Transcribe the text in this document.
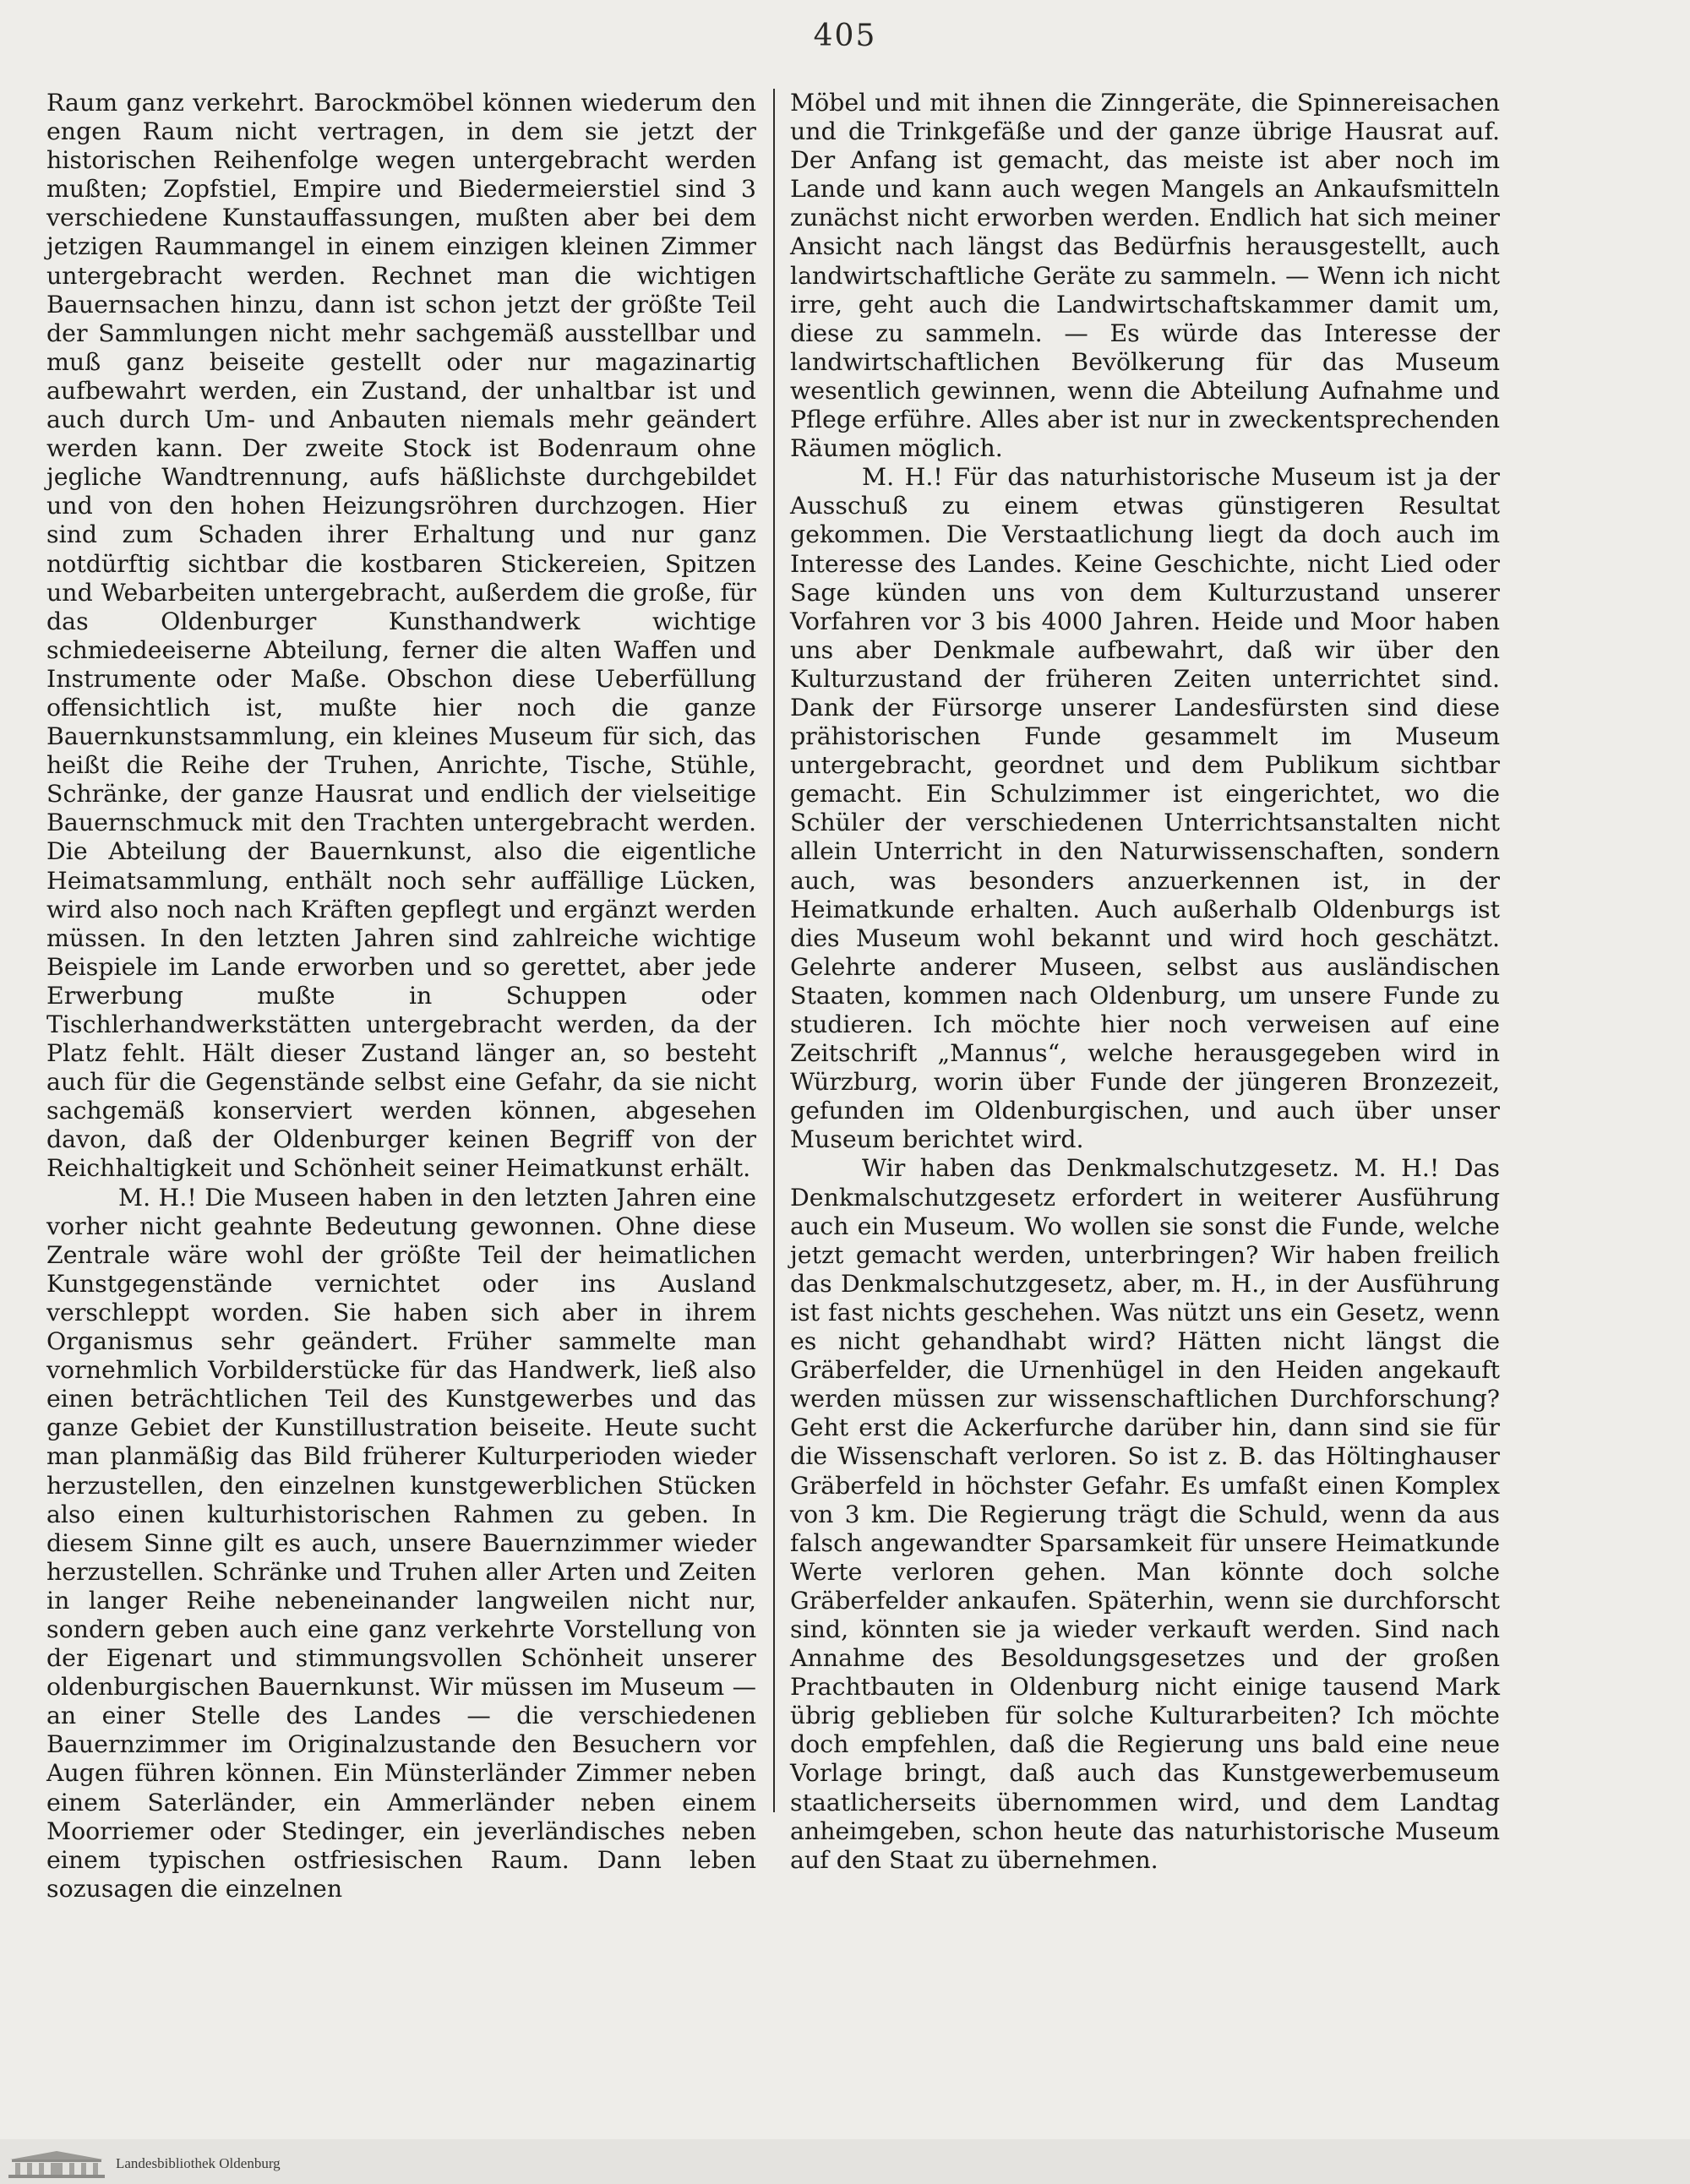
405

Raum ganz verkehrt. Barockmöbel können wiederum den engen Raum nicht vertragen, in dem sie jetzt der historischen Reihenfolge wegen untergebracht werden mußten; Zopfstiel, Empire und Biedermeierstiel sind 3 verschiedene Kunstauffassungen, mußten aber bei dem jetzigen Raummangel in einem einzigen kleinen Zimmer untergebracht werden. Rechnet man die wichtigen Bauernsachen hinzu, dann ist schon jetzt der größte Teil der Sammlungen nicht mehr sachgemäß ausstellbar und muß ganz beiseite gestellt oder nur magazinartig aufbewahrt werden, ein Zustand, der unhaltbar ist und auch durch Um- und Anbauten niemals mehr geändert werden kann. Der zweite Stock ist Bodenraum ohne jegliche Wandtrennung, aufs häßlichste durchgebildet und von den hohen Heizungsröhren durchzogen. Hier sind zum Schaden ihrer Erhaltung und nur ganz notdürftig sichtbar die kostbaren Stickereien, Spitzen und Webarbeiten untergebracht, außerdem die große, für das Oldenburger Kunsthandwerk wichtige schmiedeeiserne Abteilung, ferner die alten Waffen und Instrumente oder Maße. Obschon diese Ueberfüllung offensichtlich ist, mußte hier noch die ganze Bauernkunstsammlung, ein kleines Museum für sich, das heißt die Reihe der Truhen, Anrichte, Tische, Stühle, Schränke, der ganze Hausrat und endlich der vielseitige Bauernschmuck mit den Trachten untergebracht werden. Die Abteilung der Bauernkunst, also die eigentliche Heimatsammlung, enthält noch sehr auffällige Lücken, wird also noch nach Kräften gepflegt und ergänzt werden müssen. In den letzten Jahren sind zahlreiche wichtige Beispiele im Lande erworben und so gerettet, aber jede Erwerbung mußte in Schuppen oder Tischlerhandwerkstätten untergebracht werden, da der Platz fehlt. Hält dieser Zustand länger an, so besteht auch für die Gegenstände selbst eine Gefahr, da sie nicht sachgemäß konserviert werden können, abgesehen davon, daß der Oldenburger keinen Begriff von der Reichhaltigkeit und Schönheit seiner Heimatkunst erhält.

M. H.! Die Museen haben in den letzten Jahren eine vorher nicht geahnte Bedeutung gewonnen. Ohne diese Zentrale wäre wohl der größte Teil der heimatlichen Kunstgegenstände vernichtet oder ins Ausland verschleppt worden. Sie haben sich aber in ihrem Organismus sehr geändert. Früher sammelte man vornehmlich Vorbilderstücke für das Handwerk, ließ also einen beträchtlichen Teil des Kunstgewerbes und das ganze Gebiet der Kunstillustration beiseite. Heute sucht man planmäßig das Bild früherer Kulturperioden wieder herzustellen, den einzelnen kunstgewerblichen Stücken also einen kulturhistorischen Rahmen zu geben. In diesem Sinne gilt es auch, unsere Bauernzimmer wieder herzustellen. Schränke und Truhen aller Arten und Zeiten in langer Reihe nebeneinander langweilen nicht nur, sondern geben auch eine ganz verkehrte Vorstellung von der Eigenart und stimmungsvollen Schönheit unserer oldenburgischen Bauernkunst. Wir müssen im Museum — an einer Stelle des Landes — die verschiedenen Bauernzimmer im Originalzustande den Besuchern vor Augen führen können. Ein Münsterländer Zimmer neben einem Saterländer, ein Ammerländer neben einem Moorriemer oder Stedinger, ein jeverländisches neben einem typischen ostfriesischen Raum. Dann leben sozusagen die einzelnen

Möbel und mit ihnen die Zinngeräte, die Spinnereisachen und die Trinkgefäße und der ganze übrige Hausrat auf. Der Anfang ist gemacht, das meiste ist aber noch im Lande und kann auch wegen Mangels an Ankaufsmitteln zunächst nicht erworben werden. Endlich hat sich meiner Ansicht nach längst das Bedürfnis herausgestellt, auch landwirtschaftliche Geräte zu sammeln. — Wenn ich nicht irre, geht auch die Landwirtschaftskammer damit um, diese zu sammeln. — Es würde das Interesse der landwirtschaftlichen Bevölkerung für das Museum wesentlich gewinnen, wenn die Abteilung Aufnahme und Pflege erführe. Alles aber ist nur in zweckentsprechenden Räumen möglich.

M. H.! Für das naturhistorische Museum ist ja der Ausschuß zu einem etwas günstigeren Resultat gekommen. Die Verstaatlichung liegt da doch auch im Interesse des Landes. Keine Geschichte, nicht Lied oder Sage künden uns von dem Kulturzustand unserer Vorfahren vor 3 bis 4000 Jahren. Heide und Moor haben uns aber Denkmale aufbewahrt, daß wir über den Kulturzustand der früheren Zeiten unterrichtet sind. Dank der Fürsorge unserer Landesfürsten sind diese prähistorischen Funde gesammelt im Museum untergebracht, geordnet und dem Publikum sichtbar gemacht. Ein Schulzimmer ist eingerichtet, wo die Schüler der verschiedenen Unterrichtsanstalten nicht allein Unterricht in den Naturwissenschaften, sondern auch, was besonders anzuerkennen ist, in der Heimatkunde erhalten. Auch außerhalb Oldenburgs ist dies Museum wohl bekannt und wird hoch geschätzt. Gelehrte anderer Museen, selbst aus ausländischen Staaten, kommen nach Oldenburg, um unsere Funde zu studieren. Ich möchte hier noch verweisen auf eine Zeitschrift „Mannus“, welche herausgegeben wird in Würzburg, worin über Funde der jüngeren Bronzezeit, gefunden im Oldenburgischen, und auch über unser Museum berichtet wird.

Wir haben das Denkmalschutzgesetz. M. H.! Das Denkmalschutzgesetz erfordert in weiterer Ausführung auch ein Museum. Wo wollen sie sonst die Funde, welche jetzt gemacht werden, unterbringen? Wir haben freilich das Denkmalschutzgesetz, aber, m. H., in der Ausführung ist fast nichts geschehen. Was nützt uns ein Gesetz, wenn es nicht gehandhabt wird? Hätten nicht längst die Gräberfelder, die Urnenhügel in den Heiden angekauft werden müssen zur wissenschaftlichen Durchforschung? Geht erst die Ackerfurche darüber hin, dann sind sie für die Wissenschaft verloren. So ist z. B. das Höltinghauser Gräberfeld in höchster Gefahr. Es umfaßt einen Komplex von 3 km. Die Regierung trägt die Schuld, wenn da aus falsch angewandter Sparsamkeit für unsere Heimatkunde Werte verloren gehen. Man könnte doch solche Gräberfelder ankaufen. Späterhin, wenn sie durchforscht sind, könnten sie ja wieder verkauft werden. Sind nach Annahme des Besoldungsgesetzes und der großen Prachtbauten in Oldenburg nicht einige tausend Mark übrig geblieben für solche Kulturarbeiten? Ich möchte doch empfehlen, daß die Regierung uns bald eine neue Vorlage bringt, daß auch das Kunstgewerbemuseum staatlicherseits übernommen wird, und dem Landtag anheimgeben, schon heute das naturhistorische Museum auf den Staat zu übernehmen.

Landesbibliothek Oldenburg
